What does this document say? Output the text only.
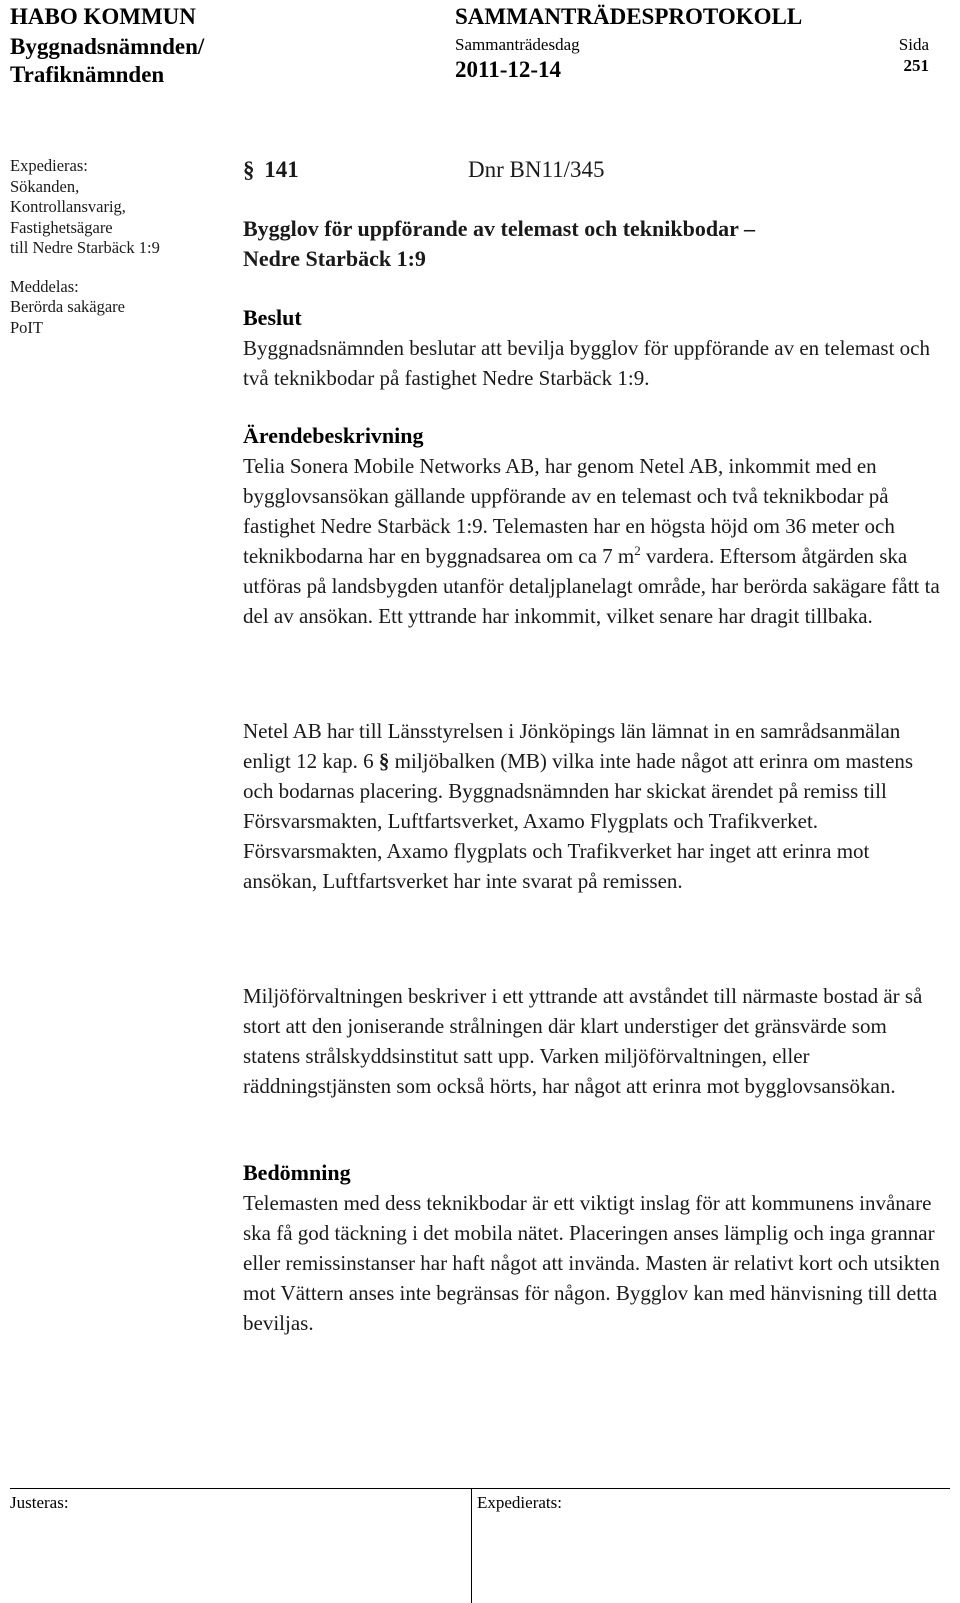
HABO KOMMUN
Byggnadsnämnden/
Trafiknämnden
SAMMANTRÄDESPROTOKOLL
Sammanträdesdag
2011-12-14
Sida
251
Expedieras:
Sökanden,
Kontrollansvarig,
Fastighetsägare
till Nedre Starbäck 1:9
Meddelas:
Berörda sakägare
PoIT
§ 141	Dnr BN11/345

Bygglov för uppförande av telemast och teknikbodar –

Nedre Starbäck 1:9

Beslut

Byggnadsnämnden beslutar att bevilja bygglov för uppförande av en telemast och två teknikbodar på fastighet Nedre Starbäck 1:9.

Ärendebeskrivning

Telia Sonera Mobile Networks AB, har genom Netel AB, inkommit med en bygglovsansökan gällande uppförande av en telemast och två teknikbodar på fastighet Nedre Starbäck 1:9. Telemasten har en högsta höjd om 36 meter och teknikbodarna har en byggnadsarea om ca 7 $m^2$ vardera. Eftersom åtgärden ska utföras på landsbygden utanför detaljplanelagt område, har berörda sakägare fått ta del av ansökan. Ett yttrande har inkommit, vilket senare har dragit tillbaka.

Netel AB har till Länsstyrelsen i Jönköpings län lämnat in en samrådsanmälan enligt 12 kap. 6 § miljöbalken (MB) vilka inte hade något att erinra om mastens och bodarnas placering. Byggnadsnämnden har skickat ärendet på remiss till Försvarsmakten, Luftfartsverket, Axamo Flygplats och Trafikverket. Försvarsmakten, Axamo flygplats och Trafikverket har inget att erinra mot ansökan, Luftfartsverket har inte svarat på remissen.

Miljöförvaltningen beskriver i ett yttrande att avståndet till närmaste bostad är så stort att den joniserande strålningen där klart understiger det gränsvärde som statens strålskyddsinstitut satt upp. Varken miljöförvaltningen, eller räddningstjänsten som också hörts, har något att erinra mot bygglovsansökan.

Bedömning

Telemasten med dess teknikbodar är ett viktigt inslag för att kommunens invånare ska få god täckning i det mobila nätet. Placeringen anses lämplig och inga grannar eller remissinstanser har haft något att invända. Masten är relativt kort och utsikten mot Vättern anses inte begränsas för någon. Bygglov kan med hänvisning till detta beviljas.

Justeras:	Expedierats:
